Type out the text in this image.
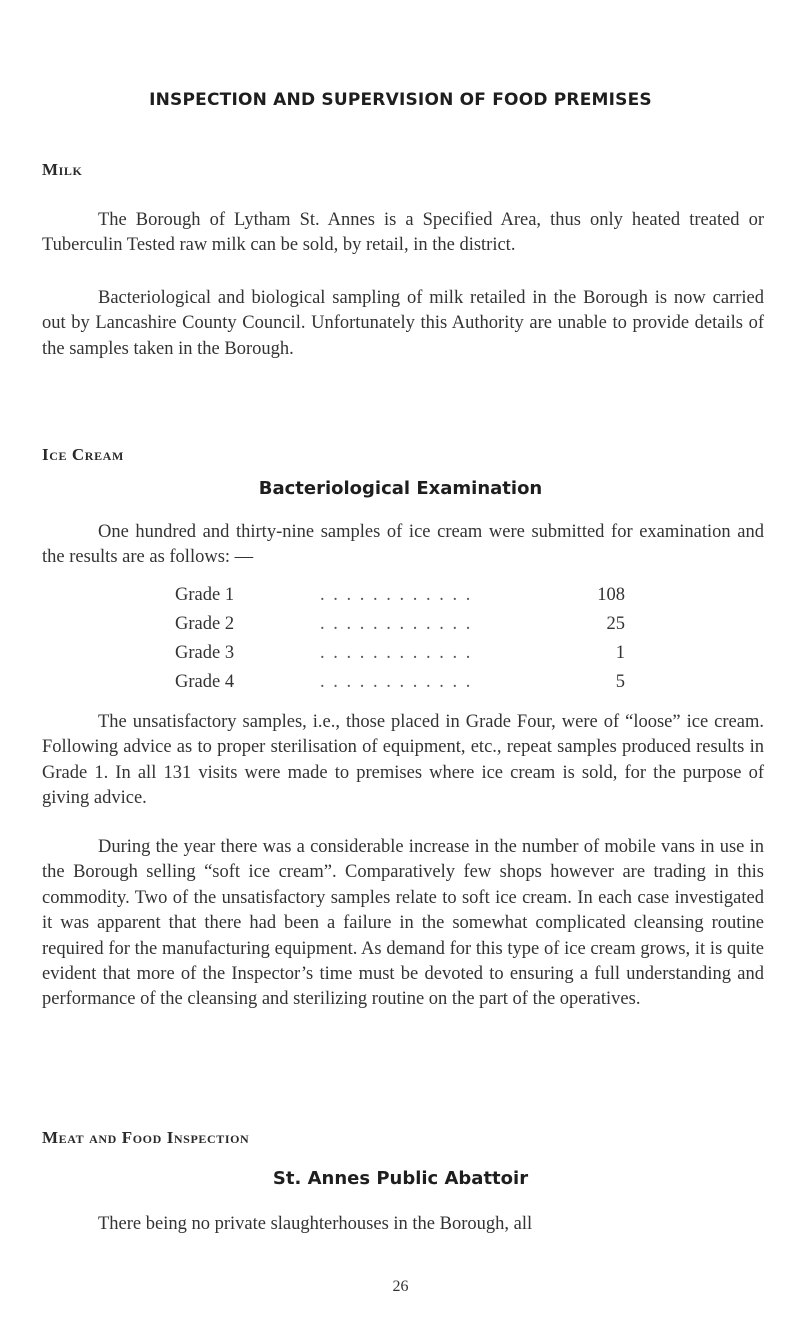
INSPECTION AND SUPERVISION OF FOOD PREMISES
Milk

The Borough of Lytham St. Annes is a Specified Area, thus only heated treated or Tuberculin Tested raw milk can be sold, by retail, in the district.

Bacteriological and biological sampling of milk retailed in the Borough is now carried out by Lancashire County Council. Unfortunately this Authority are unable to provide details of the samples taken in the Borough.

Ice Cream
Bacteriological Examination

One hundred and thirty-nine samples of ice cream were submitted for examination and the results are as follows: —

Grade 1	. . . . . . . . . . . .	108
Grade 2	. . . . . . . . . . . .	25
Grade 3	. . . . . . . . . . . .	1
Grade 4	. . . . . . . . . . . .	5

The unsatisfactory samples, i.e., those placed in Grade Four, were of “loose” ice cream. Following advice as to proper sterilisation of equipment, etc., repeat samples produced results in Grade 1. In all 131 visits were made to premises where ice cream is sold, for the purpose of giving advice.

During the year there was a considerable increase in the number of mobile vans in use in the Borough selling “soft ice cream”. Comparatively few shops however are trading in this commodity. Two of the unsatisfactory samples relate to soft ice cream. In each case investigated it was apparent that there had been a failure in the somewhat complicated cleansing routine required for the manufacturing equipment. As demand for this type of ice cream grows, it is quite evident that more of the Inspector’s time must be devoted to ensuring a full understanding and performance of the cleansing and sterilizing routine on the part of the operatives.

Meat and Food Inspection
St. Annes Public Abattoir

There being no private slaughterhouses in the Borough, all

26
